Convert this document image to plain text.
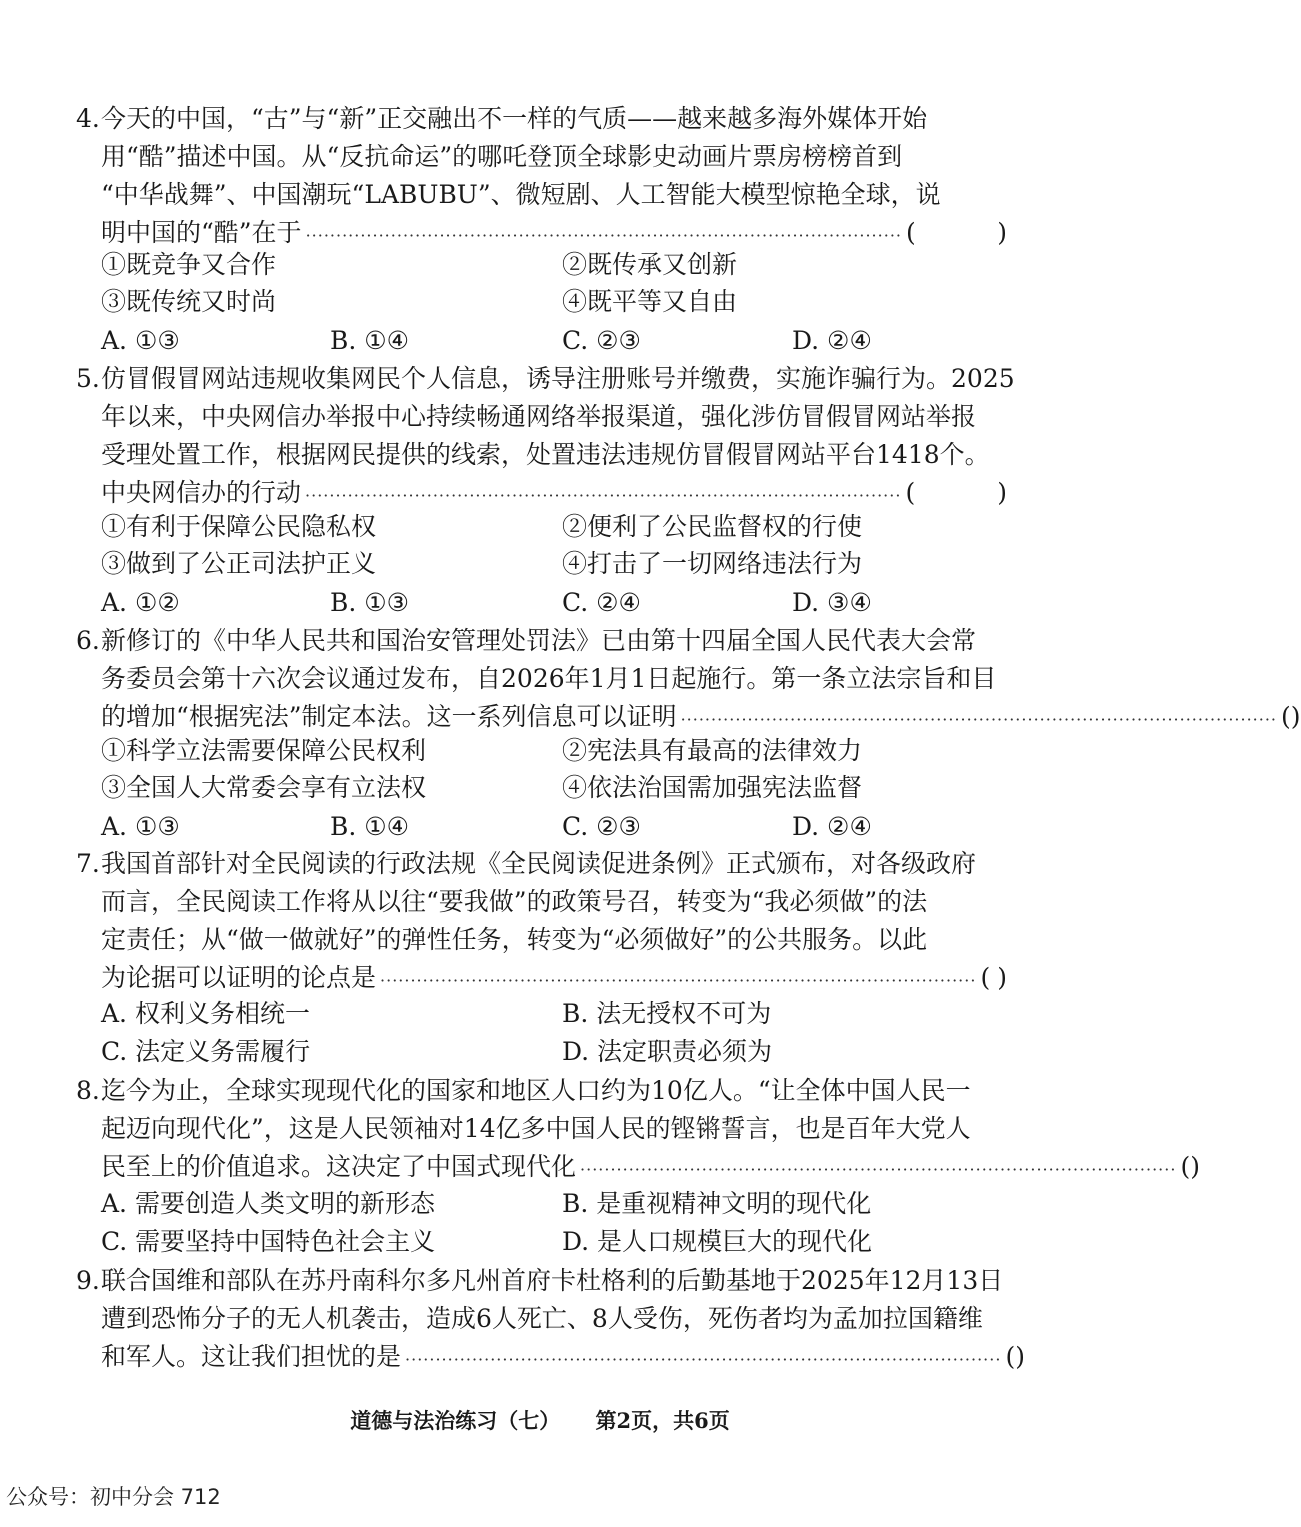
4. 今天的中国，“古”与“新”正交融出不一样的气质——越来越多海外媒体开始
用“酷”描述中国。从“反抗命运”的哪吒登顶全球影史动画片票房榜榜首到
“中华战舞”、中国潮玩“LABUBU”、微短剧、人工智能大模型惊艳全球，说
明中国的“酷”在于 ·································································································· (	)
①既竞争又合作	②既传承又创新
③既传统又时尚	④既平等又自由
A. ①③	B. ①④	C. ②③	D. ②④
5. 仿冒假冒网站违规收集网民个人信息，诱导注册账号并缴费，实施诈骗行为。2025
年以来，中央网信办举报中心持续畅通网络举报渠道，强化涉仿冒假冒网站举报
受理处置工作，根据网民提供的线索，处置违法违规仿冒假冒网站平台1418个。
中央网信办的行动 ·································································································· (	)
①有利于保障公民隐私权	②便利了公民监督权的行使
③做到了公正司法护正义	④打击了一切网络违法行为
A. ①②	B. ①③	C. ②④	D. ③④
6. 新修订的《中华人民共和国治安管理处罚法》已由第十四届全国人民代表大会常
务委员会第十六次会议通过发布，自2026年1月1日起施行。第一条立法宗旨和目
的增加“根据宪法”制定本法。这一系列信息可以证明 ·································································································· ( )
①科学立法需要保障公民权利	②宪法具有最高的法律效力
③全国人大常委会享有立法权	④依法治国需加强宪法监督
A. ①③	B. ①④	C. ②③	D. ②④
7. 我国首部针对全民阅读的行政法规《全民阅读促进条例》正式颁布，对各级政府
而言，全民阅读工作将从以往“要我做”的政策号召，转变为“我必须做”的法
定责任；从“做一做就好”的弹性任务，转变为“必须做好”的公共服务。以此
为论据可以证明的论点是 ·································································································· ( )
A. 权利义务相统一	B. 法无授权不可为
C. 法定义务需履行	D. 法定职责必须为
8. 迄今为止，全球实现现代化的国家和地区人口约为10亿人。“让全体中国人民一
起迈向现代化”，这是人民领袖对14亿多中国人民的铿锵誓言，也是百年大党人
民至上的价值追求。这决定了中国式现代化 ·································································································· ( )
A. 需要创造人类文明的新形态	B. 是重视精神文明的现代化
C. 需要坚持中国特色社会主义	D. 是人口规模巨大的现代化
9. 联合国维和部队在苏丹南科尔多凡州首府卡杜格利的后勤基地于2025年12月13日
遭到恐怖分子的无人机袭击，造成6人死亡、8人受伤，死伤者均为孟加拉国籍维
和军人。这让我们担忧的是 ·································································································· ( )
道德与法治练习（七） 第2页，共6页
公众号：初中分会 712
